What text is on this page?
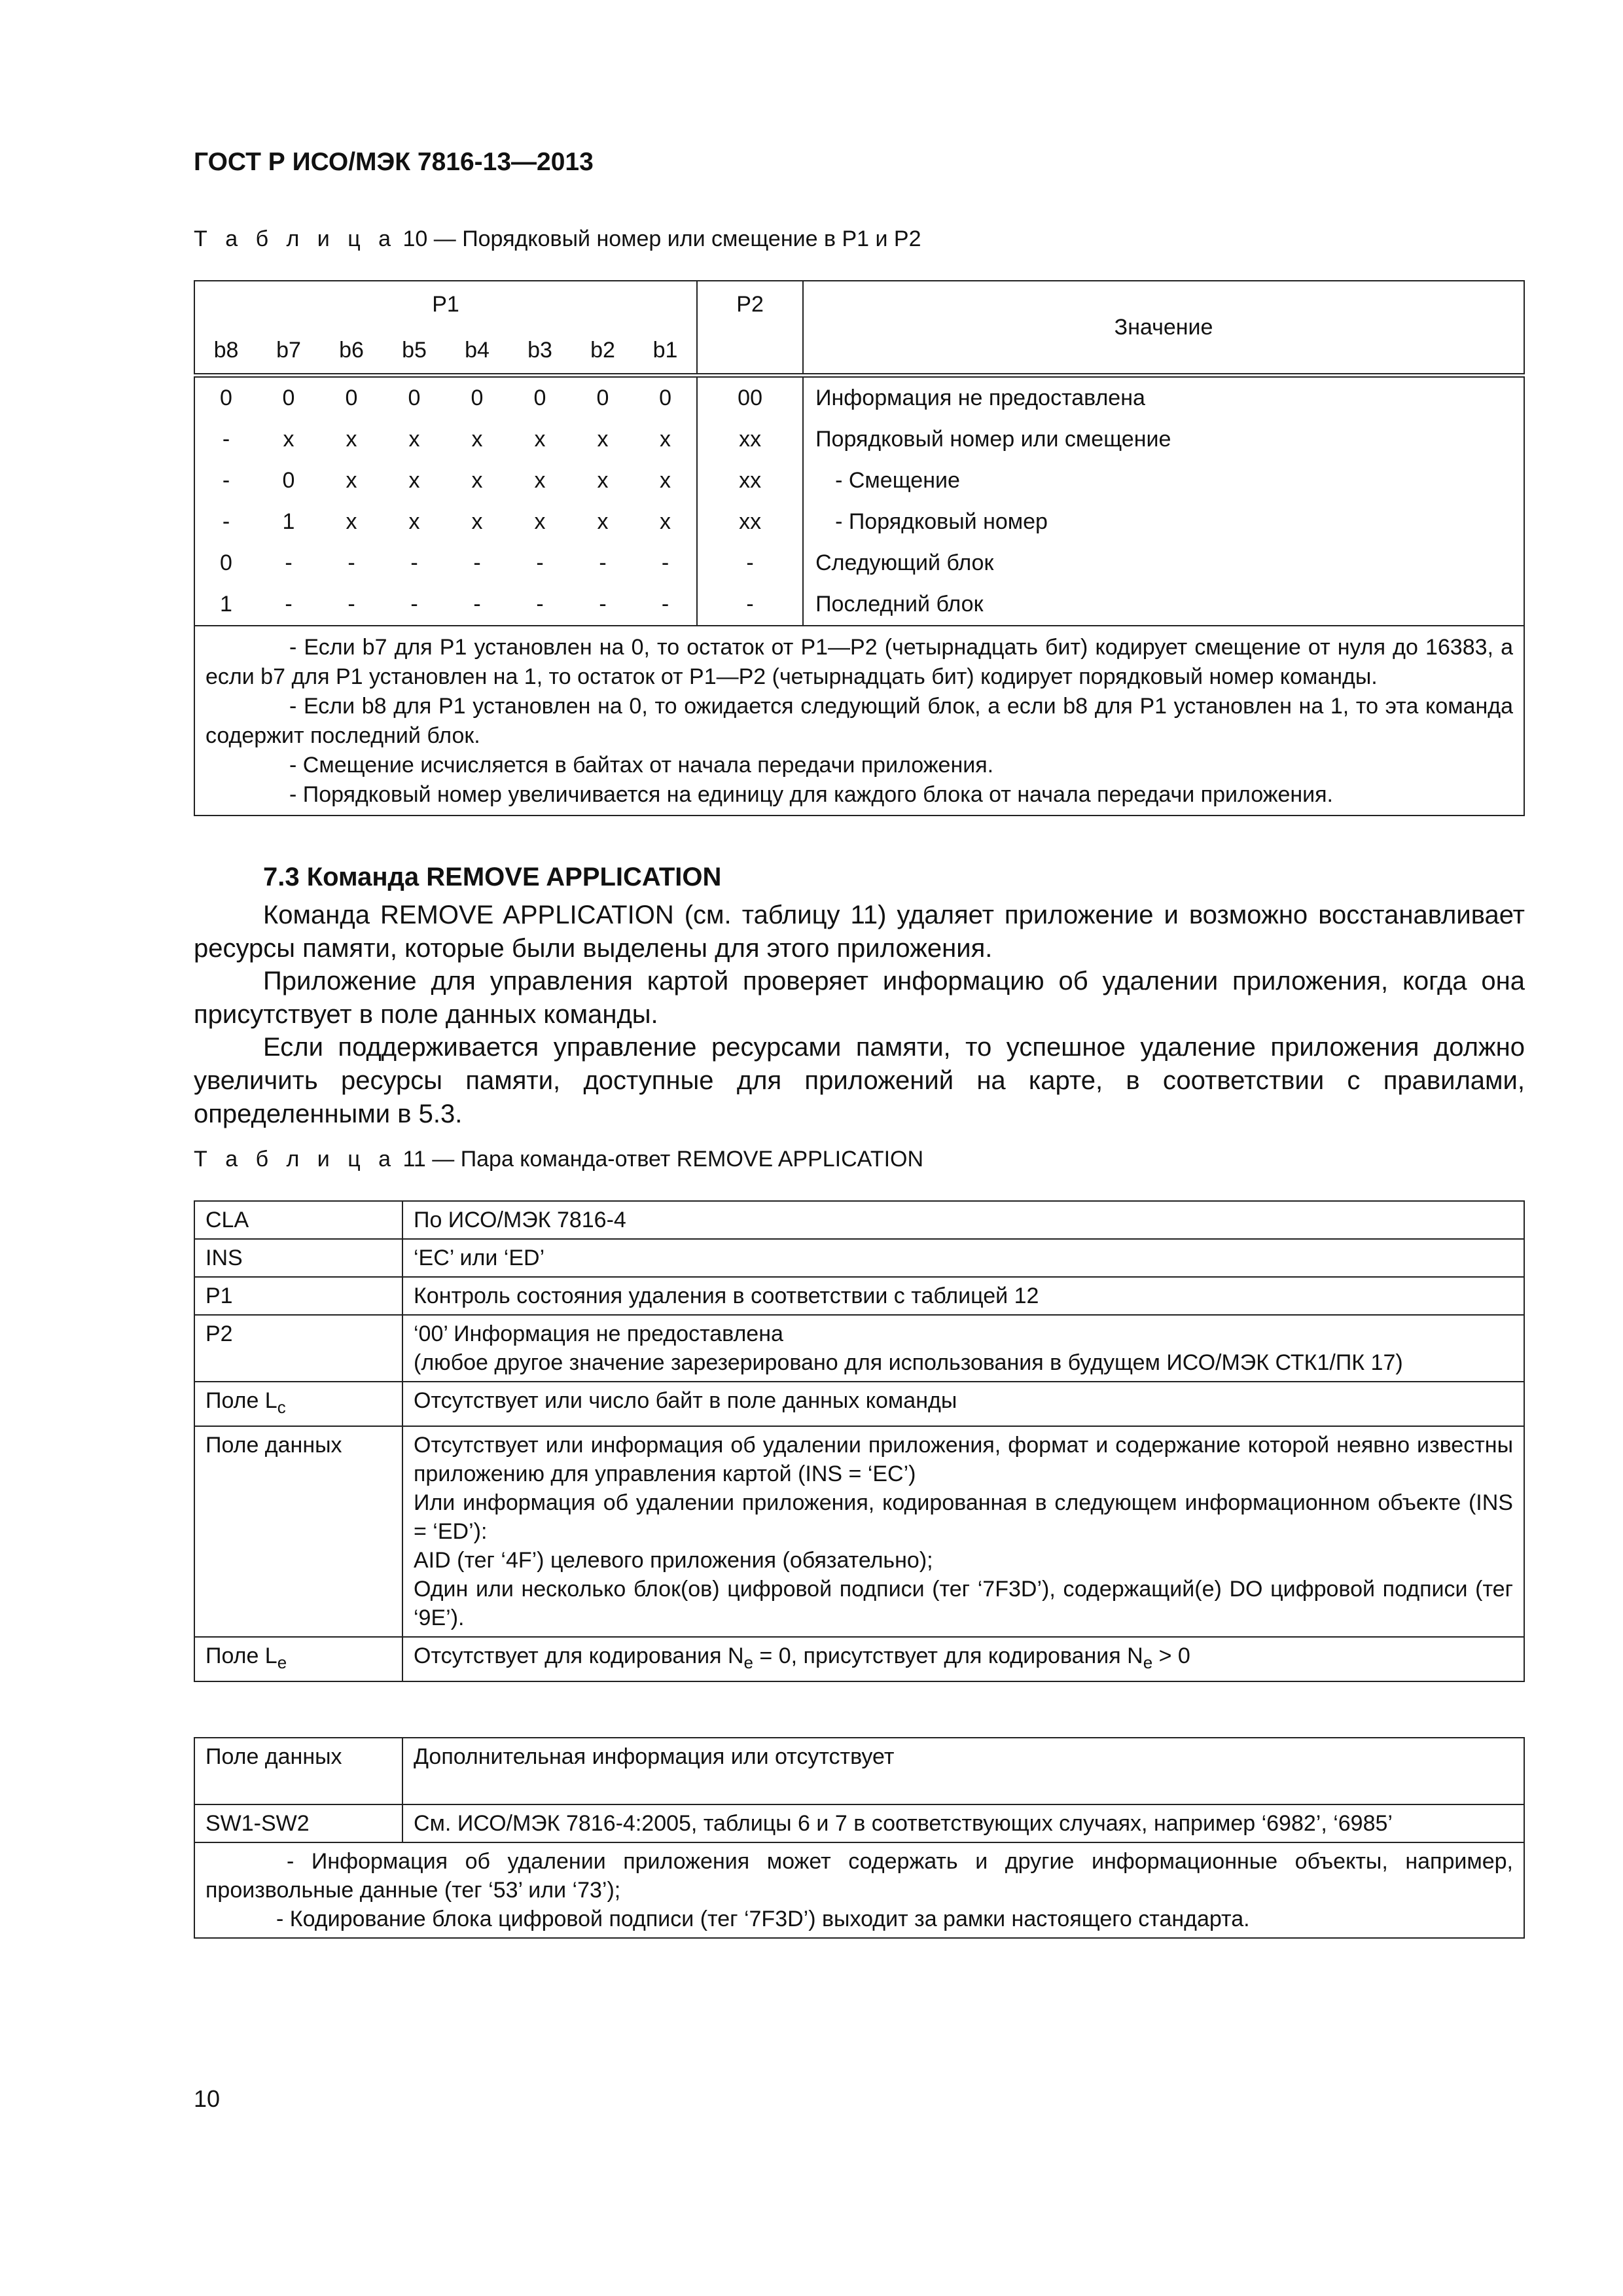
ГОСТ Р ИСО/МЭК 7816-13—2013
Т а б л и ц а 10 — Порядковый номер или смещение в P1 и P2
P1								P2	Значение
b8	b7	b6	b5	b4	b3	b2	b1		
0	0	0	0	0	0	0	0	00	Информация не предоставлена
-	x	x	x	x	x	x	x	xx	Порядковый номер или смещение
-	0	x	x	x	x	x	x	xx	- Смещение
-	1	x	x	x	x	x	x	xx	- Порядковый номер
0	-	-	-	-	-	-	-	-	Следующий блок
1	-	-	-	-	-	-	-	-	Последний блок

- Если b7 для P1 установлен на 0, то остаток от P1—P2 (четырнадцать бит) кодирует смещение от нуля до 16383, а если b7 для P1 установлен на 1, то остаток от P1—P2 (четырнадцать бит) кодирует порядковый номер команды.
- Если b8 для P1 установлен на 0, то ожидается следующий блок, а если b8 для P1 установлен на 1, то эта команда содержит последний блок.
- Смещение исчисляется в байтах от начала передачи приложения.
- Порядковый номер увеличивается на единицу для каждого блока от начала передачи приложения.									
7.3 Команда REMOVE APPLICATION
Команда REMOVE APPLICATION (см. таблицу 11) удаляет приложение и возможно восстанавливает ресурсы памяти, которые были выделены для этого приложения.
Приложение для управления картой проверяет информацию об удалении приложения, когда она присутствует в поле данных команды.
Если поддерживается управление ресурсами памяти, то успешное удаление приложения должно увеличить ресурсы памяти, доступные для приложений на карте, в соответствии с правилами, определенными в 5.3.
Т а б л и ц а 11 — Пара команда-ответ REMOVE APPLICATION
CLA	По ИСО/МЭК 7816-4
INS	‘EC’ или ‘ED’
P1	Контроль состояния удаления в соответствии с таблицей 12
P2	‘00’ Информация не предоставлена
(любое другое значение зарезерировано для использования в будущем ИСО/МЭК СТК1/ПК 17)

Поле $L_c$	Отсутствует или число байт в поле данных команды
Поле данных	Отсутствует или информация об удалении приложения, формат и содержание которой неявно известны приложению для управления картой (INS = ‘EC’)
Или информация об удалении приложения, кодированная в следующем информационном объекте (INS = ‘ED’):
AID (тег ‘4F’) целевого приложения (обязательно);
Один или несколько блок(ов) цифровой подписи (тег ‘7F3D’), содержащий(е) DO цифровой подписи (тег ‘9E’).

Поле $L_e$	Отсутствует для кодирования $N_e = 0$, присутствует для кодирования $N_e > 0$
Поле данных	Дополнительная информация или отсутствует
SW1-SW2	См. ИСО/МЭК 7816-4:2005, таблицы 6 и 7 в соответствующих случаях, например ‘6982’, ‘6985’

- Информация об удалении приложения может содержать и другие информационные объекты, например, произвольные данные (тег ‘53’ или ‘73’);
- Кодирование блока цифровой подписи (тег ‘7F3D’) выходит за рамки настоящего стандарта.	
10
